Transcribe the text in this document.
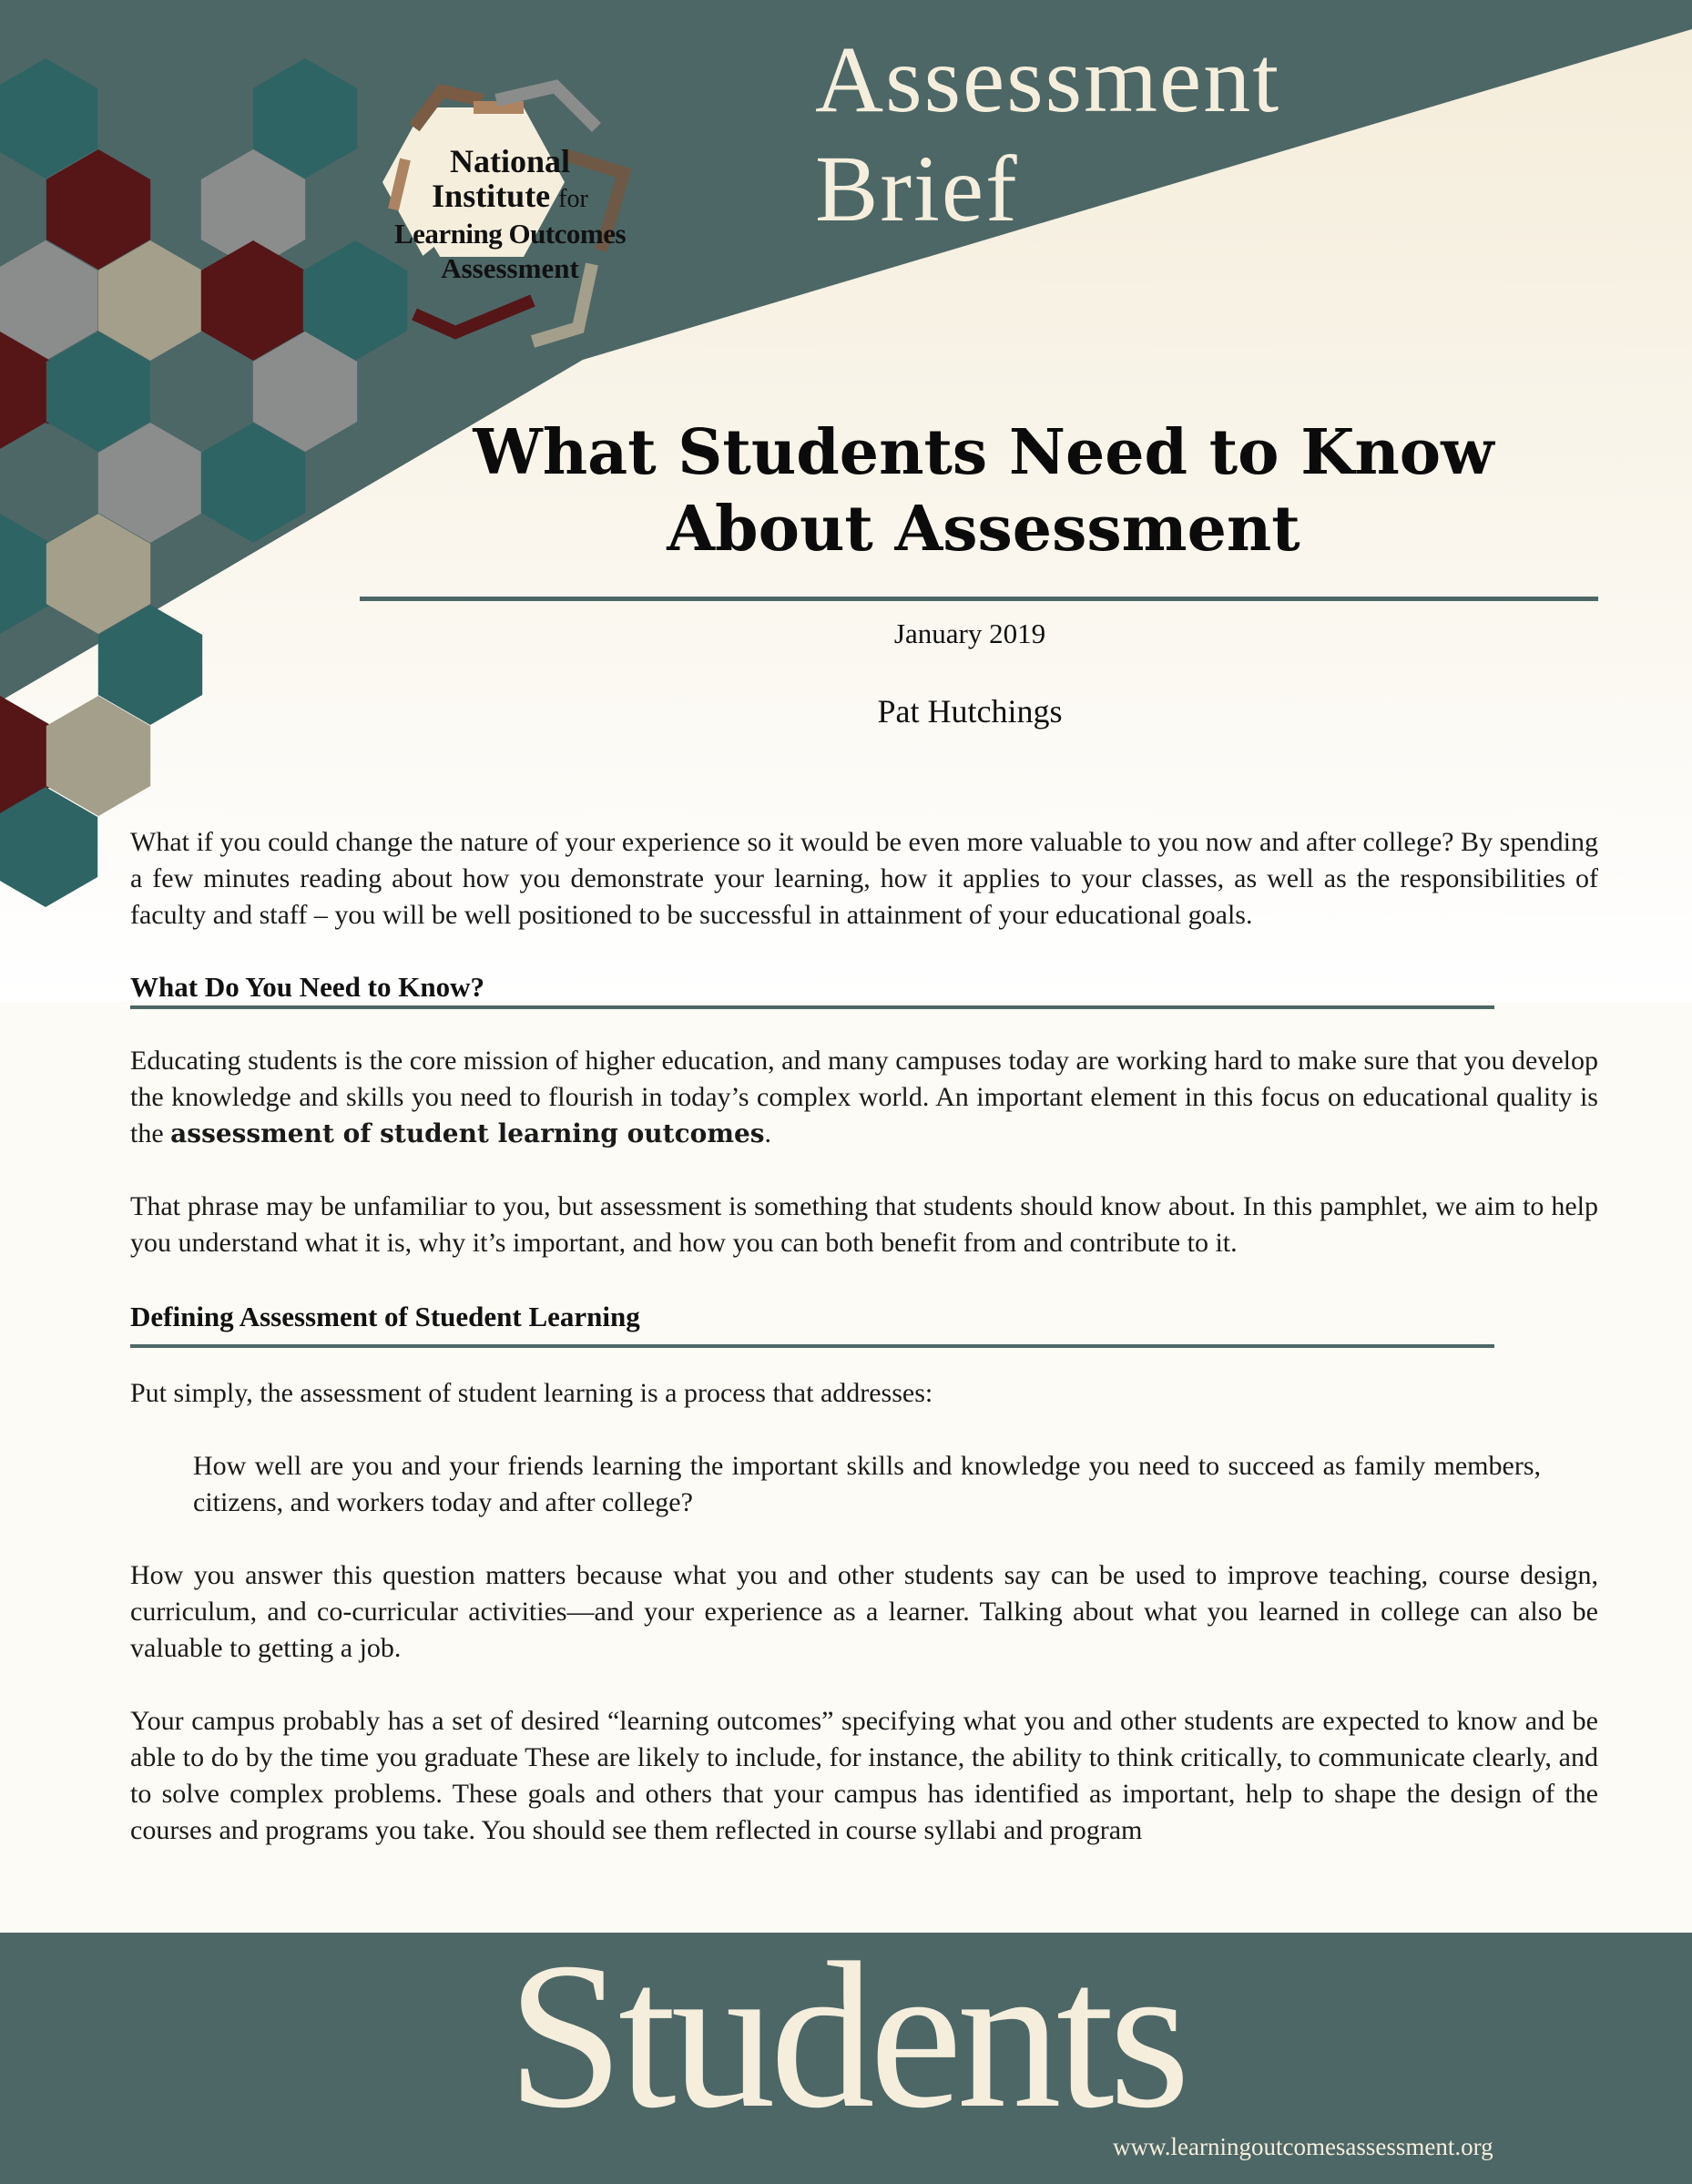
Assessment
Brief
National
Institute for
Learning Outcomes
Assessment
What Students Need to Know
About Assessment
January 2019
Pat Hutchings
What if you could change the nature of your experience so it would be even more valuable to you now and after college? By spending a few minutes reading about how you demonstrate your learning, how it applies to your classes, as well as the responsibilities of faculty and staff – you will be well positioned to be successful in attainment of your educational goals.
What Do You Need to Know?
Educating students is the core mission of higher education, and many campuses today are working hard to make sure that you develop the knowledge and skills you need to flourish in today’s complex world. An important element in this focus on educational quality is the assessment of student learning outcomes.
That phrase may be unfamiliar to you, but assessment is something that students should know about. In this pamphlet, we aim to help you understand what it is, why it’s important, and how you can both benefit from and contribute to it.
Defining Assessment of Stuedent Learning
Put simply, the assessment of student learning is a process that addresses:
How well are you and your friends learning the important skills and knowledge you need to succeed as family members, citizens, and workers today and after college?
How you answer this question matters because what you and other students say can be used to improve teaching, course design, curriculum, and co-curricular activities—and your experience as a learner. Talking about what you learned in college can also be valuable to getting a job.
Your campus probably has a set of desired “learning outcomes” specifying what you and other students are expected to know and be able to do by the time you graduate These are likely to include, for instance, the ability to think critically, to communicate clearly, and to solve complex problems. These goals and others that your campus has identified as important, help to shape the design of the courses and programs you take. You should see them reflected in course syllabi and program
Students
www.learningoutcomesassessment.org
